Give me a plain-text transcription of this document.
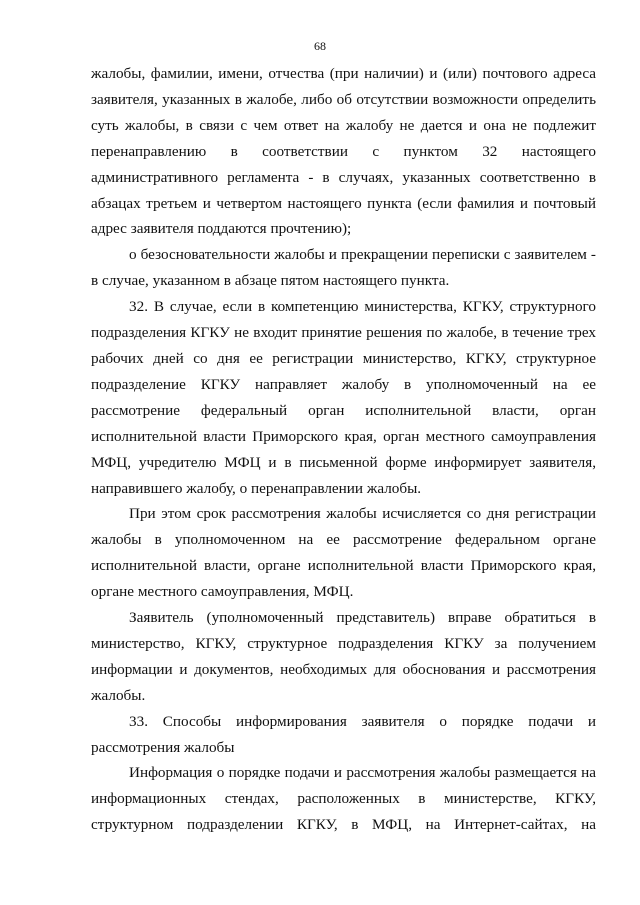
68
жалобы, фамилии, имени, отчества (при наличии) и (или) почтового адреса
заявителя, указанных в жалобе, либо об отсутствии возможности определить
суть жалобы, в связи с чем ответ на жалобу не дается и она не подлежит
перенаправлению в соответствии с пунктом 32 настоящего
административного регламента - в случаях, указанных соответственно в
абзацах третьем и четвертом настоящего пункта (если фамилия и почтовый
адрес заявителя поддаются прочтению);
о безосновательности жалобы и прекращении переписки с заявителем -
в случае, указанном в абзаце пятом настоящего пункта.
32. В случае, если в компетенцию министерства, КГКУ, структурного
подразделения КГКУ не входит принятие решения по жалобе, в течение трех
рабочих дней со дня ее регистрации министерство, КГКУ, структурное
подразделение КГКУ направляет жалобу в уполномоченный на ее
рассмотрение федеральный орган исполнительной власти, орган
исполнительной власти Приморского края, орган местного самоуправления
МФЦ, учредителю МФЦ и в письменной форме информирует заявителя,
направившего жалобу, о перенаправлении жалобы.
При этом срок рассмотрения жалобы исчисляется со дня регистрации
жалобы в уполномоченном на ее рассмотрение федеральном органе
исполнительной власти, органе исполнительной власти Приморского края,
органе местного самоуправления, МФЦ.
Заявитель (уполномоченный представитель) вправе обратиться в
министерство, КГКУ, структурное подразделения КГКУ за получением
информации и документов, необходимых для обоснования и рассмотрения
жалобы.
33. Способы информирования заявителя о порядке подачи и
рассмотрения жалобы
Информация о порядке подачи и рассмотрения жалобы размещается на
информационных стендах, расположенных в министерстве, КГКУ,
структурном подразделении КГКУ, в МФЦ, на Интернет-сайтах, на
